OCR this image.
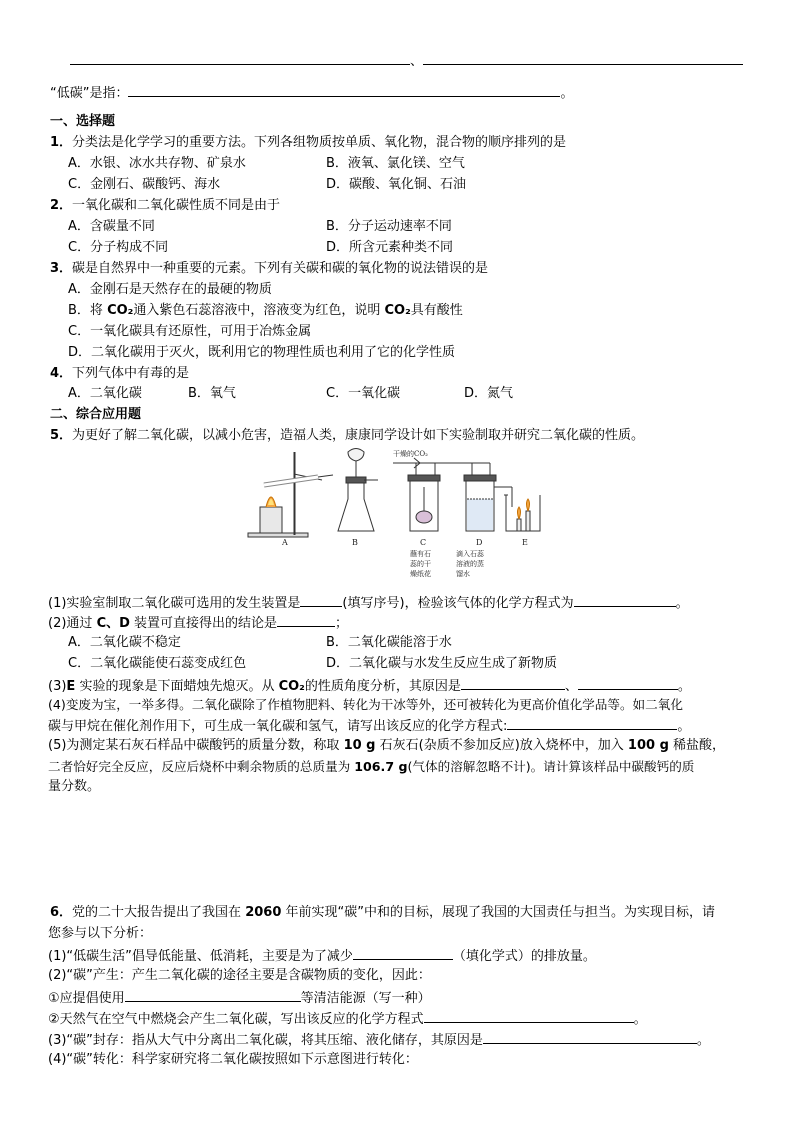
、
“低碳”是指：	。
一、选择题
1．分类法是化学学习的重要方法。下列各组物质按单质、氧化物，混合物的顺序排列的是
A．水银、冰水共存物、矿泉水	B．液氧、氯化镁、空气
C．金刚石、碳酸钙、海水	D．碳酸、氧化铜、石油
2．一氧化碳和二氧化碳性质不同是由于
A．含碳量不同	B．分子运动速率不同
C．分子构成不同	D．所含元素种类不同
3．碳是自然界中一种重要的元素。下列有关碳和碳的氧化物的说法错误的是
A．金刚石是天然存在的最硬的物质
B．将 CO₂通入紫色石蕊溶液中，溶液变为红色，说明 CO₂具有酸性
C．一氧化碳具有还原性，可用于冶炼金属
D．二氧化碳用于灭火，既利用它的物理性质也利用了它的化学性质
4．下列气体中有毒的是
A．二氧化碳	B．氧气	C．一氧化碳	D．氮气
二、综合应用题
5．为更好了解二氧化碳，以减小危害，造福人类，康康同学设计如下实验制取并研究二氧化碳的性质。
干燥的CO₂
A	B	C	D	E
蘸有石
蕊的干
燥纸花
滴入石蕊
溶液的蒸
馏水
(1)实验室制取二氧化碳可选用的发生装置是	(填写序号)，检验该气体的化学方程式为	。
(2)通过 C、D 装置可直接得出的结论是	；
A．二氧化碳不稳定	B．二氧化碳能溶于水
C．二氧化碳能使石蕊变成红色	D．二氧化碳与水发生反应生成了新物质
(3)E 实验的现象是下面蜡烛先熄灭。从 CO₂的性质角度分析，其原因是	、	。
(4)变废为宝，一举多得。二氧化碳除了作植物肥料、转化为干冰等外，还可被转化为更高价值化学品等。如二氧化
碳与甲烷在催化剂作用下，可生成一氧化碳和氢气，请写出该反应的化学方程式:	。
(5)为测定某石灰石样品中碳酸钙的质量分数，称取 10 g 石灰石(杂质不参加反应)放入烧杯中，加入 100 g 稀盐酸，
二者恰好完全反应，反应后烧杯中剩余物质的总质量为 106.7 g(气体的溶解忽略不计)。请计算该样品中碳酸钙的质
量分数。
6．党的二十大报告提出了我国在 2060 年前实现“碳”中和的目标，展现了我国的大国责任与担当。为实现目标，请
您参与以下分析：
(1)“低碳生活”倡导低能量、低消耗，主要是为了减少	（填化学式）的排放量。
(2)“碳”产生：产生二氧化碳的途径主要是含碳物质的变化，因此：
①应提倡使用	等清洁能源（写一种）
②天然气在空气中燃烧会产生二氧化碳，写出该反应的化学方程式	。
(3)“碳”封存：指从大气中分离出二氧化碳，将其压缩、液化储存，其原因是	。
(4)“碳”转化：科学家研究将二氧化碳按照如下示意图进行转化：
